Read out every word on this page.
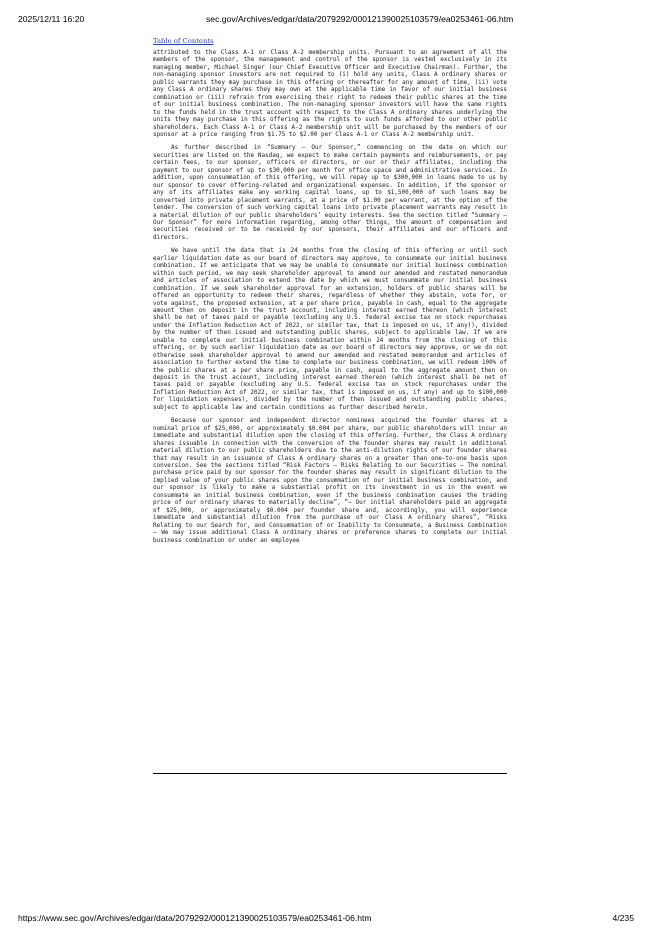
2025/12/11 16:20	sec.gov/Archives/edgar/data/2079292/000121390025103579/ea0253461-06.htm
Table of Contents

attributed to the Class A-1 or Class A-2 membership units. Pursuant to an agreement of all the members of the sponsor, the management and control of the sponsor is vested exclusively in its managing member, Michael Singer (our Chief Executive Officer and Executive Chairman). Further, the non-managing sponsor investors are not required to (i) hold any units, Class A ordinary shares or public warrants they may purchase in this offering or thereafter for any amount of time, (ii) vote any Class A ordinary shares they may own at the applicable time in favor of our initial business combination or (iii) refrain from exercising their right to redeem their public shares at the time of our initial business combination. The non-managing sponsor investors will have the same rights to the funds held in the trust account with respect to the Class A ordinary shares underlying the units they may purchase in this offering as the rights to such funds afforded to our other public shareholders. Each Class A-1 or Class A-2 membership unit will be purchased by the members of our sponsor at a price ranging from $1.75 to $2.00 per Class A-1 or Class A-2 membership unit.

As further described in “Summary — Our Sponsor,” commencing on the date on which our securities are listed on the Nasdaq, we expect to make certain payments and reimbursements, or pay certain fees, to our sponsor, officers or directors, or our or their affiliates, including the payment to our sponsor of up to $30,000 per month for office space and administrative services. In addition, upon consummation of this offering, we will repay up to $300,000 in loans made to us by our sponsor to cover offering-related and organizational expenses. In addition, if the sponsor or any of its affiliates make any working capital loans, up to $1,500,000 of such loans may be converted into private placement warrants, at a price of $1.00 per warrant, at the option of the lender. The conversion of such working capital loans into private placement warrants may result in a material dilution of our public shareholders’ equity interests. See the section titled “Summary — Our Sponsor” for more information regarding, among other things, the amount of compensation and securities received or to be received by our sponsors, their affiliates and our officers and directors.

We have until the date that is 24 months from the closing of this offering or until such earlier liquidation date as our board of directors may approve, to consummate our initial business combination. If we anticipate that we may be unable to consummate our initial business combination within such period, we may seek shareholder approval to amend our amended and restated memorandum and articles of association to extend the date by which we must consummate our initial business combination. If we seek shareholder approval for an extension, holders of public shares will be offered an opportunity to redeem their shares, regardless of whether they abstain, vote for, or vote against, the proposed extension, at a per share price, payable in cash, equal to the aggregate amount then on deposit in the trust account, including interest earned thereon (which interest shall be net of taxes paid or payable (excluding any U.S. federal excise tax on stock repurchases under the Inflation Reduction Act of 2022, or similar tax, that is imposed on us, if any)), divided by the number of then issued and outstanding public shares, subject to applicable law. If we are unable to complete our initial business combination within 24 months from the closing of this offering, or by such earlier liquidation date as our board of directors may approve, or we do not otherwise seek shareholder approval to amend our amended and restated memorandum and articles of association to further extend the time to complete our business combination, we will redeem 100% of the public shares at a per share price, payable in cash, equal to the aggregate amount then on deposit in the trust account, including interest earned thereon (which interest shall be net of taxes paid or payable (excluding any U.S. federal excise tax on stock repurchases under the Inflation Reduction Act of 2022, or similar tax, that is imposed on us, if any) and up to $100,000 for liquidation expenses), divided by the number of then issued and outstanding public shares, subject to applicable law and certain conditions as further described herein.

Because our sponsor and independent director nominees acquired the founder shares at a nominal price of $25,000, or approximately $0.004 per share, our public shareholders will incur an immediate and substantial dilution upon the closing of this offering. Further, the Class A ordinary shares issuable in connection with the conversion of the founder shares may result in additional material dilution to our public shareholders due to the anti-dilution rights of our founder shares that may result in an issuance of Class A ordinary shares on a greater than one-to-one basis upon conversion. See the sections titled “Risk Factors — Risks Relating to our Securities — The nominal purchase price paid by our sponsor for the founder shares may result in significant dilution to the implied value of your public shares upon the consummation of our initial business combination, and our sponsor is likely to make a substantial profit on its investment in us in the event we consummate an initial business combination, even if the business combination causes the trading price of our ordinary shares to materially decline”, “— Our initial shareholders paid an aggregate of $25,000, or approximately $0.004 per founder share and, accordingly, you will experience immediate and substantial dilution from the purchase of our Class A ordinary shares”, “Risks Relating to our Search for, and Consummation of or Inability to Consummate, a Business Combination — We may issue additional Class A ordinary shares or preference shares to complete our initial business combination or under an employee

https://www.sec.gov/Archives/edgar/data/2079292/000121390025103579/ea0253461-06.htm	4/235
